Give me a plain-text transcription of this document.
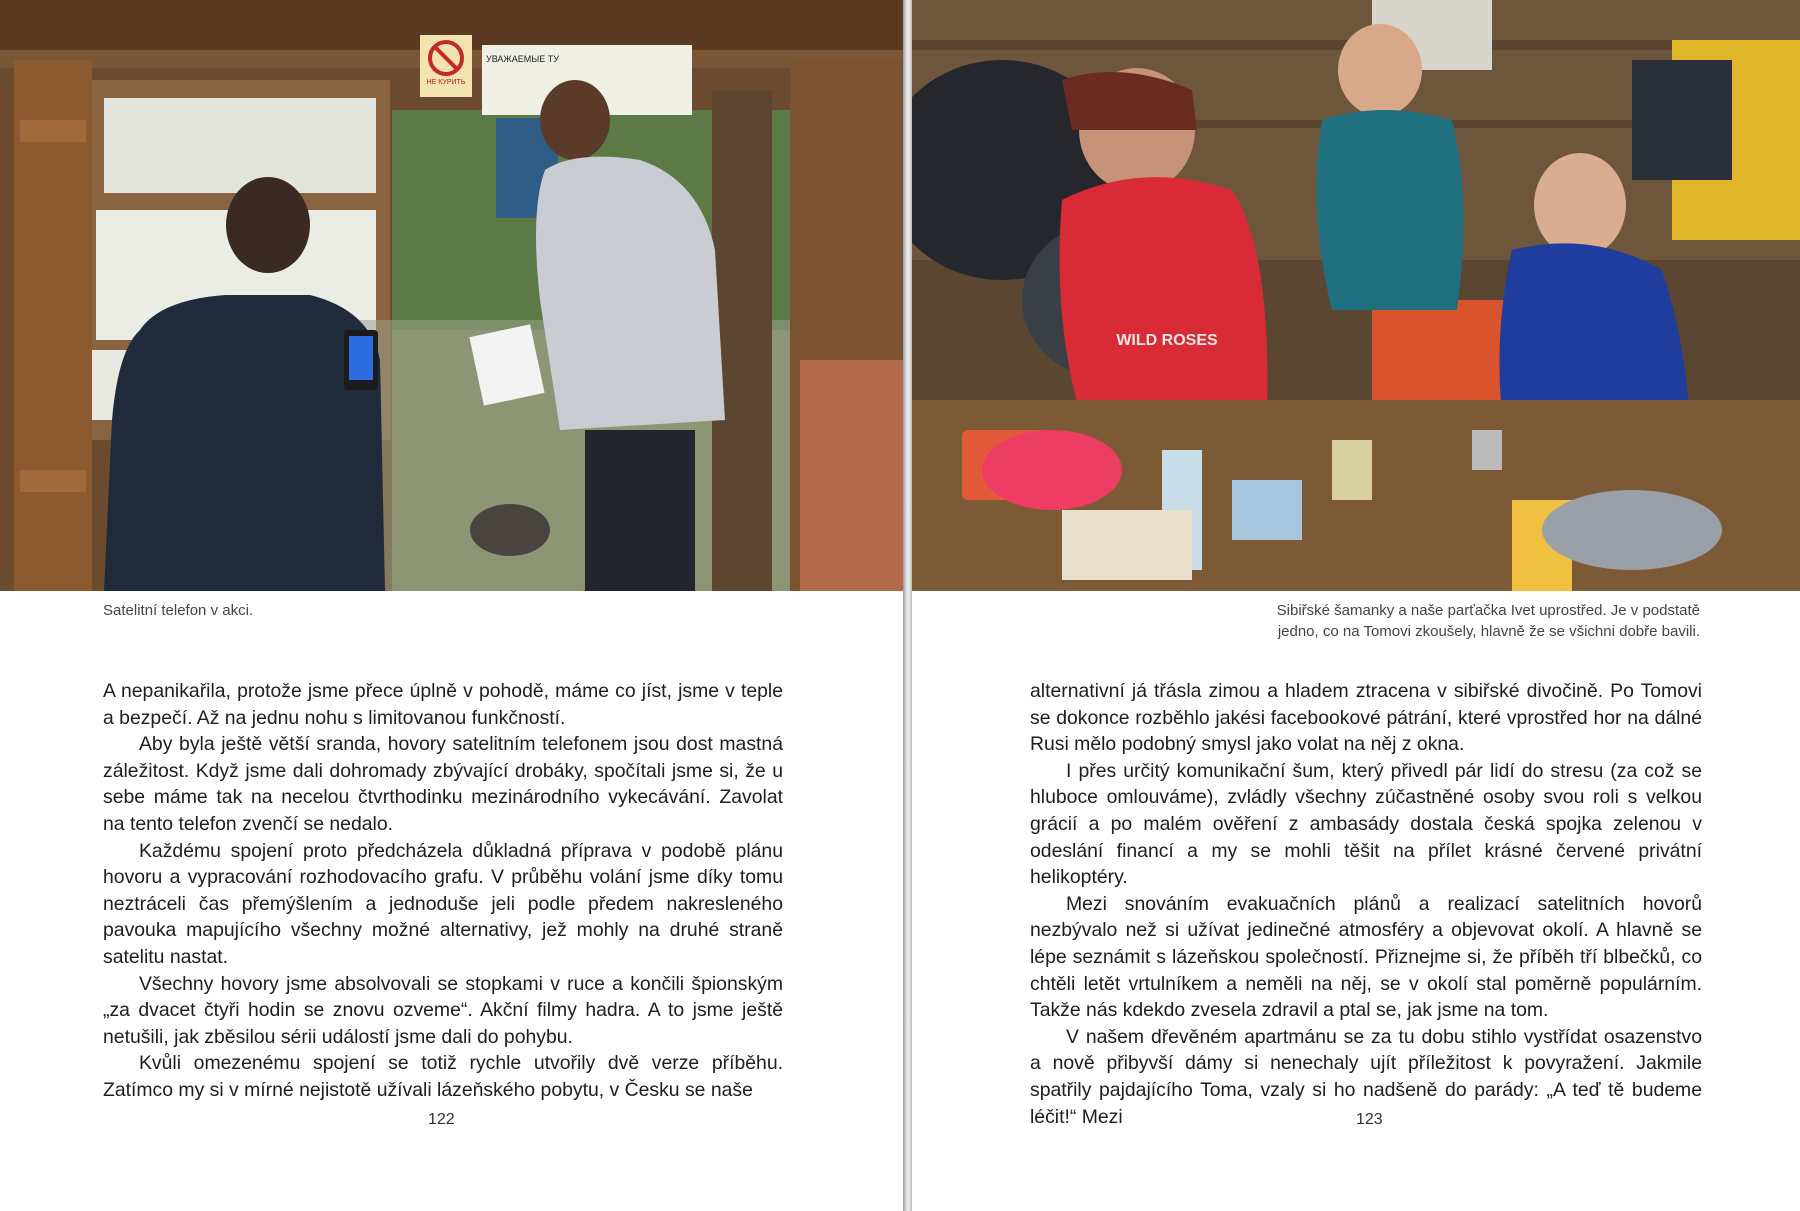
НЕ КУРИТЬ
УВАЖАЕМЫЕ ТУ
Satelitní telefon v akci.

A nepanikařila, protože jsme přece úplně v pohodě, máme co jíst, jsme v teple a bezpečí. Až na jednu nohu s limitovanou funkčností.

Aby byla ještě větší sranda, hovory satelitním telefonem jsou dost mastná záležitost. Když jsme dali dohromady zbývající drobáky, spočítali jsme si, že u sebe máme tak na necelou čtvrthodinku mezinárodního vykecávání. Zavolat na tento telefon zvenčí se nedalo.

Každému spojení proto předcházela důkladná příprava v podobě plánu hovoru a vypracování rozhodovacího grafu. V průběhu volání jsme díky tomu neztráceli čas přemýšlením a jednoduše jeli podle předem nakresleného pavouka mapujícího všechny možné alternativy, jež mohly na druhé straně satelitu nastat.

Všechny hovory jsme absolvovali se stopkami v ruce a končili špionským „za dvacet čtyři hodin se znovu ozveme“. Akční filmy hadra. A to jsme ještě netušili, jak zběsilou sérii událostí jsme dali do pohybu.

Kvůli omezenému spojení se totiž rychle utvořily dvě verze příběhu. Zatímco my si v mírné nejistotě užívali lázeňského pobytu, v Česku se naše

122
WILD ROSES
Sibiřské šamanky a naše parťačka Ivet uprostřed. Je v podstatě
jedno, co na Tomovi zkoušely, hlavně že se všichni dobře bavili.

alternativní já třásla zimou a hladem ztracena v sibiřské divočině. Po Tomovi se dokonce rozběhlo jakési facebookové pátrání, které vprostřed hor na dálné Rusi mělo podobný smysl jako volat na něj z okna.

I přes určitý komunikační šum, který přivedl pár lidí do stresu (za což se hluboce omlouváme), zvládly všechny zúčastněné osoby svou roli s velkou grácií a po malém ověření z ambasády dostala česká spojka zelenou v odeslání financí a my se mohli těšit na přílet krásné červené privátní helikoptéry.

Mezi snováním evakuačních plánů a realizací satelitních hovorů nezbývalo než si užívat jedinečné atmosféry a objevovat okolí. A hlavně se lépe seznámit s lázeňskou společností. Přiznejme si, že příběh tří blbečků, co chtěli letět vrtulníkem a neměli na něj, se v okolí stal poměrně populárním. Takže nás kdekdo zvesela zdravil a ptal se, jak jsme na tom.

V našem dřevěném apartmánu se za tu dobu stihlo vystřídat osazenstvo a nově přibyvší dámy si nenechaly ujít příležitost k povyražení. Jakmile spatřily pajdajícího Toma, vzaly si ho nadšeně do parády: „A teď tě budeme léčit!“ Mezi	123
